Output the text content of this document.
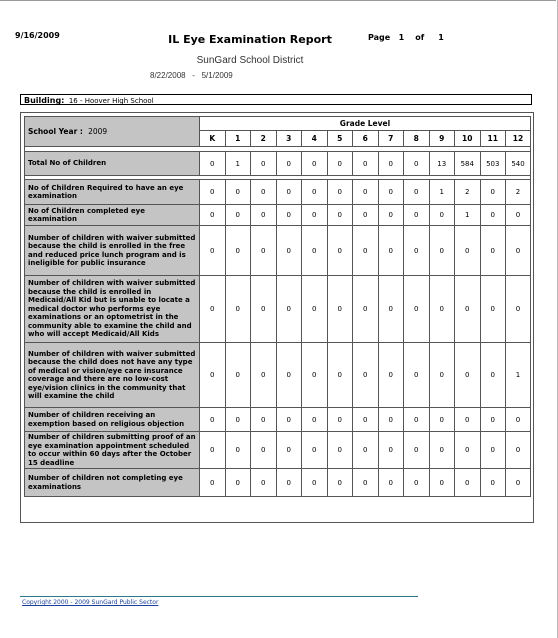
9/16/2009	IL Eye Examination Report	Page 1 of 1
SunGard School District
8/22/2008 - 5/1/2009
Building: 16 - Hoover High School
School Year : 2009	Grade Level												
	K	1	2	3	4	5	6	7	8	9	10	11	12

Total No of Children	0	1	0	0	0	0	0	0	0	13	584	503	540

No of Children Required to have an eye examination	0	0	0	0	0	0	0	0	0	1	2	0	2
No of Children completed eye examination	0	0	0	0	0	0	0	0	0	0	1	0	0
Number of children with waiver submitted because the child is enrolled in the free and reduced price lunch program and is ineligible for public insurance	0	0	0	0	0	0	0	0	0	0	0	0	0
Number of children with waiver submitted because the child is enrolled in Medicaid/All Kid but is unable to locate a medical doctor who performs eye examinations or an optometrist in the community able to examine the child and who will accept Medicaid/All Kids	0	0	0	0	0	0	0	0	0	0	0	0	0
Number of children with waiver submitted because the child does not have any type of medical or vision/eye care insurance coverage and there are no low-cost eye/vision clinics in the community that will examine the child	0	0	0	0	0	0	0	0	0	0	0	0	1
Number of children receiving an exemption based on religious objection	0	0	0	0	0	0	0	0	0	0	0	0	0
Number of children submitting proof of an eye examination appointment scheduled to occur within 60 days after the October 15 deadline	0	0	0	0	0	0	0	0	0	0	0	0	0
Number of children not completing eye examinations	0	0	0	0	0	0	0	0	0	0	0	0	0
Copyright 2000 - 2009 SunGard Public Sector
